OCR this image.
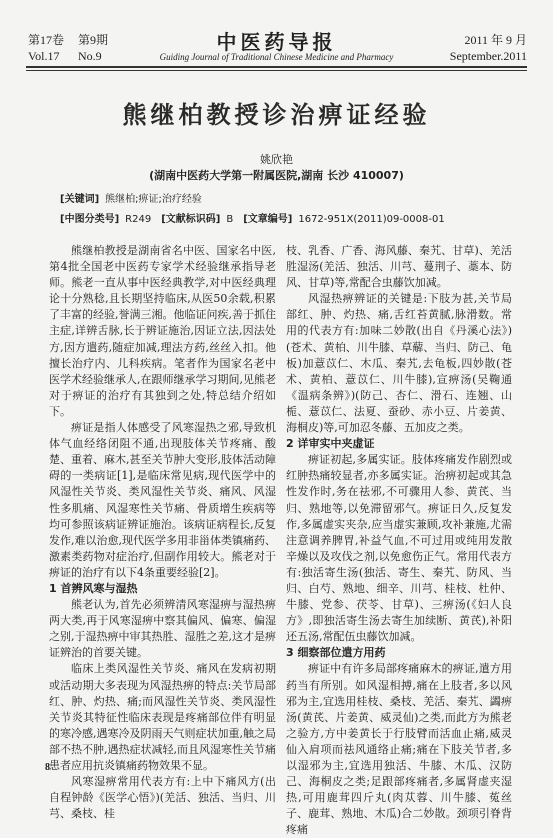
第17卷 第9期
Vol.17 No.9
中医药导报
Guiding Journal of Traditional Chinese Medicine and Pharmacy
2011 年 9 月
September.2011
熊继柏教授诊治痹证经验
姚欣艳
(湖南中医药大学第一附属医院,湖南 长沙 410007)
[关键词] 熊继柏;痹证;治疗经验
[中图分类号] R249 [文献标识码] B [文章编号] 1672-951X(2011)09-0008-01

熊继柏教授是湖南省名中医、国家名中医,第4批全国老中医药专家学术经验继承指导老师。熊老一直从事中医经典教学,对中医经典理论十分熟稔,且长期坚持临床,从医50余载,积累了丰富的经验,誉满三湘。他临证问疾,善于抓住主症,详辨舌脉,长于辨证施治,因证立法,因法处方,因方遣药,随症加减,理法方药,丝丝入扣。他擅长治疗内、儿科疾病。笔者作为国家名老中医学术经验继承人,在跟师继承学习期间,见熊老对于痹证的治疗有其独到之处,特总结介绍如下。

痹证是指人体感受了风寒湿热之邪,导致机体气血经络闭阻不通,出现肢体关节疼痛、酸楚、重着、麻木,甚至关节肿大变形,肢体活动障碍的一类病证[1],是临床常见病,现代医学中的风湿性关节炎、类风湿性关节炎、痛风、风湿性多肌痛、风湿寒性关节痛、骨质增生疾病等均可参照该病证辨证施治。该病证病程长,反复发作,难以治愈,现代医学多用非甾体类镇痛药、激素类药物对症治疗,但副作用较大。熊老对于痹证的治疗有以下4条重要经验[2]。

1 首辨风寒与湿热

熊老认为,首先必须辨清风寒湿痹与湿热痹两大类,再于风寒湿痹中察其偏风、偏寒、偏湿之别,于湿热痹中审其热胜、湿胜之差,这才是痹证辨治的首要关键。

临床上类风湿性关节炎、痛风在发病初期或活动期大多表现为风湿热痹的特点:关节局部红、肿、灼热、痛;而风湿性关节炎、类风湿性关节炎其特征性临床表现是疼痛部位伴有明显的寒冷感,遇寒冷及阴雨天气则症状加重,触之局部不热不肿,遇热症状减轻,而且风湿寒性关节痛患者应用抗炎镇痛药物效果不显。

风寒湿痹常用代表方有:上中下痛风方(出自程钟龄《医学心悟》)(羌活、独活、当归、川芎、桑枝、桂

枝、乳香、广香、海风藤、秦艽、甘草)、羌活胜湿汤(羌活、独活、川芎、蔓荆子、藁本、防风、甘草)等,常配合虫藤饮加减。

风湿热痹辨证的关键是:下肢为甚,关节局部红、肿、灼热、痛,舌红苔黄腻,脉滑数。常用的代表方有:加味二妙散(出自《丹溪心法》)(苍术、黄柏、川牛膝、草薢、当归、防己、龟板)加薏苡仁、木瓜、秦艽,去龟板,四妙散(苍术、黄柏、薏苡仁、川牛膝),宣痹汤(吴鞠通《温病条辨》)(防己、杏仁、滑石、连翘、山栀、薏苡仁、法夏、蚕砂、赤小豆、片姜黄、海桐皮)等,可加忍冬藤、五加皮之类。

2 详审实中夹虚证

痹证初起,多属实证。肢体疼痛发作剧烈或红肿热痛较显者,亦多属实证。治痹初起或其急性发作时,务在祛邪,不可骤用人参、黄芪、当归、熟地等,以免滞留邪气。痹证日久,反复发作,多属虚实夹杂,应当虚实兼顾,攻补兼施,尤需注意调养脾胃,补益气血,不可过用或纯用发散辛燥以及攻伐之剂,以免愈伤正气。常用代表方有:独活寄生汤(独活、寄生、秦艽、防风、当归、白芍、熟地、细辛、川芎、桂枝、杜仲、牛膝、党参、茯苓、甘草)、三痹汤(《妇人良方》,即独活寄生汤去寄生加续断、黄芪),补阳还五汤,常配伍虫藤饮加减。

3 细察部位遣方用药

痹证中有许多局部疼痛麻木的痹证,遣方用药当有所别。如风湿相搏,痛在上肢者,多以风邪为主,宜选用桂枝、桑枝、羌活、秦艽、蠲痹汤(黄芪、片姜黄、威灵仙)之类,而此方为熊老之验方,方中姜黄长于行肢臂而活血止痛,威灵仙入肩项而祛风通络止痛;痛在下肢关节者,多以湿邪为主,宜选用独活、牛膝、木瓜、汉防己、海桐皮之类;足跟部疼痛者,多属肾虚夹湿热,可用鹿茸四斤丸(肉苁蓉、川牛膝、菟丝子、鹿茸、熟地、木瓜)合二妙散。颈项引脊背疼痛

8
